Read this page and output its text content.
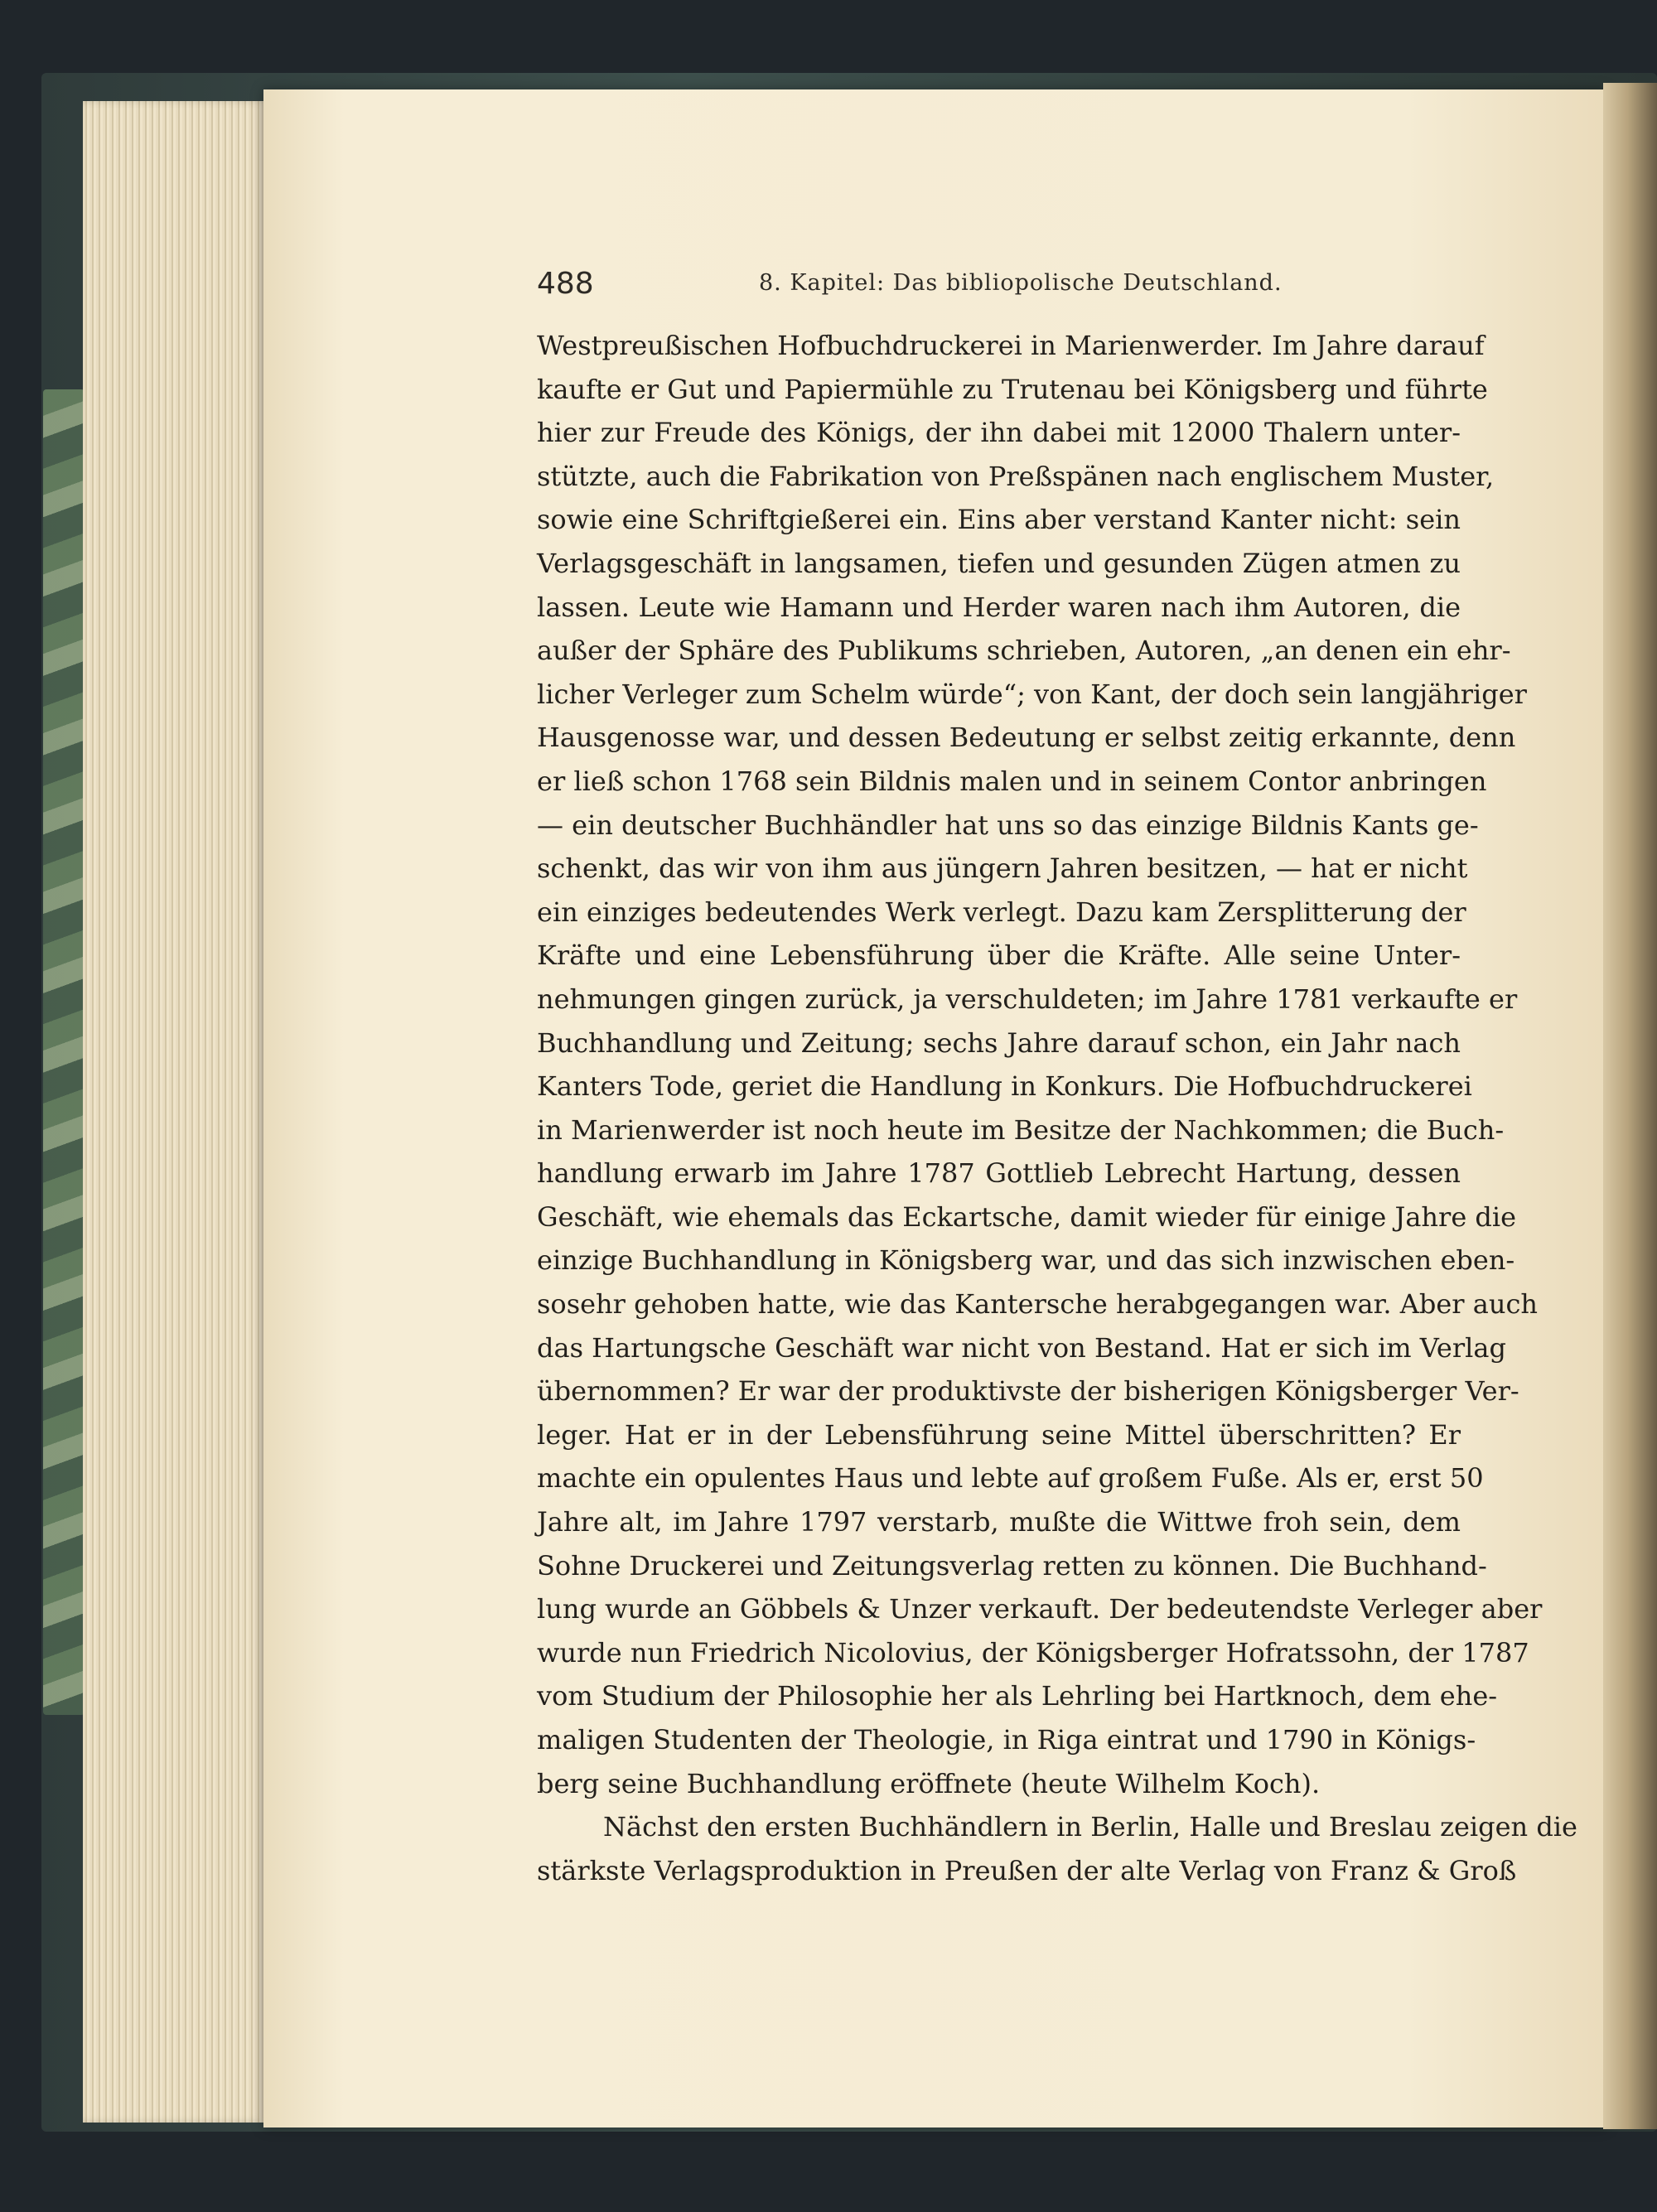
488	8. Kapitel: Das bibliopolische Deutschland.
Westpreußischen Hofbuchdruckerei in Marienwerder. Im Jahre darauf
kaufte er Gut und Papiermühle zu Trutenau bei Königsberg und führte
hier zur Freude des Königs, der ihn dabei mit 12000 Thalern unter-
stützte, auch die Fabrikation von Preßspänen nach englischem Muster,
sowie eine Schriftgießerei ein. Eins aber verstand Kanter nicht: sein
Verlagsgeschäft in langsamen, tiefen und gesunden Zügen atmen zu
lassen. Leute wie Hamann und Herder waren nach ihm Autoren, die
außer der Sphäre des Publikums schrieben, Autoren, „an denen ein ehr-
licher Verleger zum Schelm würde“; von Kant, der doch sein langjähriger
Hausgenosse war, und dessen Bedeutung er selbst zeitig erkannte, denn
er ließ schon 1768 sein Bildnis malen und in seinem Contor anbringen
— ein deutscher Buchhändler hat uns so das einzige Bildnis Kants ge-
schenkt, das wir von ihm aus jüngern Jahren besitzen, — hat er nicht
ein einziges bedeutendes Werk verlegt. Dazu kam Zersplitterung der
Kräfte und eine Lebensführung über die Kräfte. Alle seine Unter-
nehmungen gingen zurück, ja verschuldeten; im Jahre 1781 verkaufte er
Buchhandlung und Zeitung; sechs Jahre darauf schon, ein Jahr nach
Kanters Tode, geriet die Handlung in Konkurs. Die Hofbuchdruckerei
in Marienwerder ist noch heute im Besitze der Nachkommen; die Buch-
handlung erwarb im Jahre 1787 Gottlieb Lebrecht Hartung, dessen
Geschäft, wie ehemals das Eckartsche, damit wieder für einige Jahre die
einzige Buchhandlung in Königsberg war, und das sich inzwischen eben-
sosehr gehoben hatte, wie das Kantersche herabgegangen war. Aber auch
das Hartungsche Geschäft war nicht von Bestand. Hat er sich im Verlag
übernommen? Er war der produktivste der bisherigen Königsberger Ver-
leger. Hat er in der Lebensführung seine Mittel überschritten? Er
machte ein opulentes Haus und lebte auf großem Fuße. Als er, erst 50
Jahre alt, im Jahre 1797 verstarb, mußte die Wittwe froh sein, dem
Sohne Druckerei und Zeitungsverlag retten zu können. Die Buchhand-
lung wurde an Göbbels & Unzer verkauft. Der bedeutendste Verleger aber
wurde nun Friedrich Nicolovius, der Königsberger Hofratssohn, der 1787
vom Studium der Philosophie her als Lehrling bei Hartknoch, dem ehe-
maligen Studenten der Theologie, in Riga eintrat und 1790 in Königs-
berg seine Buchhandlung eröffnete (heute Wilhelm Koch).
Nächst den ersten Buchhändlern in Berlin, Halle und Breslau zeigen die
stärkste Verlagsproduktion in Preußen der alte Verlag von Franz & Groß
